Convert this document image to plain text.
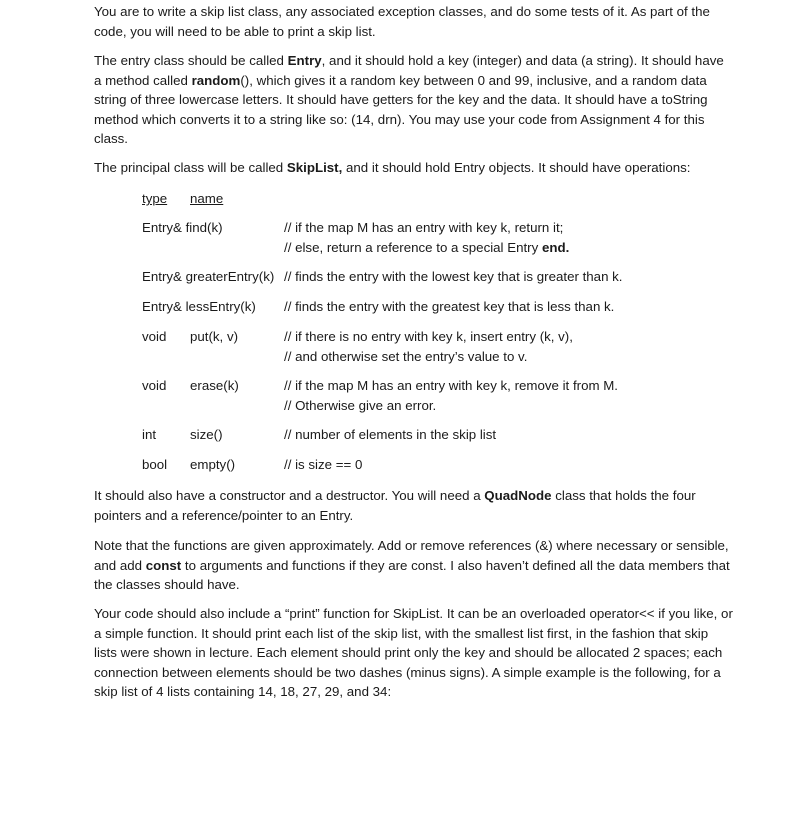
You are to write a skip list class, any associated exception classes, and do some tests of it. As part of the code, you will need to be able to print a skip list.

The entry class should be called Entry, and it should hold a key (integer) and data (a string). It should have a method called random(), which gives it a random key between 0 and 99, inclusive, and a random data string of three lowercase letters. It should have getters for the key and the data. It should have a toString method which converts it to a string like so: (14, drn). You may use your code from Assignment 4 for this class.

The principal class will be called SkipList, and it should hold Entry objects. It should have operations:

type name
Entry& find(k)	// if the map M has an entry with key k, return it;
// else, return a reference to a special Entry end.
Entry& greaterEntry(k) // finds the entry with the lowest key that is greater than k.
Entry& lessEntry(k) // finds the entry with the greatest key that is less than k.
void put(k, v)	// if there is no entry with key k, insert entry (k, v),
// and otherwise set the entry’s value to v.
void erase(k)	// if the map M has an entry with key k, remove it from M.
// Otherwise give an error.
int	size()	// number of elements in the skip list
bool empty()	// is size == 0

It should also have a constructor and a destructor. You will need a QuadNode class that holds the four pointers and a reference/pointer to an Entry.

Note that the functions are given approximately. Add or remove references (&) where necessary or sensible, and add const to arguments and functions if they are const. I also haven’t defined all the data members that the classes should have.

Your code should also include a “print” function for SkipList. It can be an overloaded operator<< if you like, or a simple function. It should print each list of the skip list, with the smallest list first, in the fashion that skip lists were shown in lecture. Each element should print only the key and should be allocated 2 spaces; each connection between elements should be two dashes (minus signs). A simple example is the following, for a skip list of 4 lists containing 14, 18, 27, 29, and 34:
